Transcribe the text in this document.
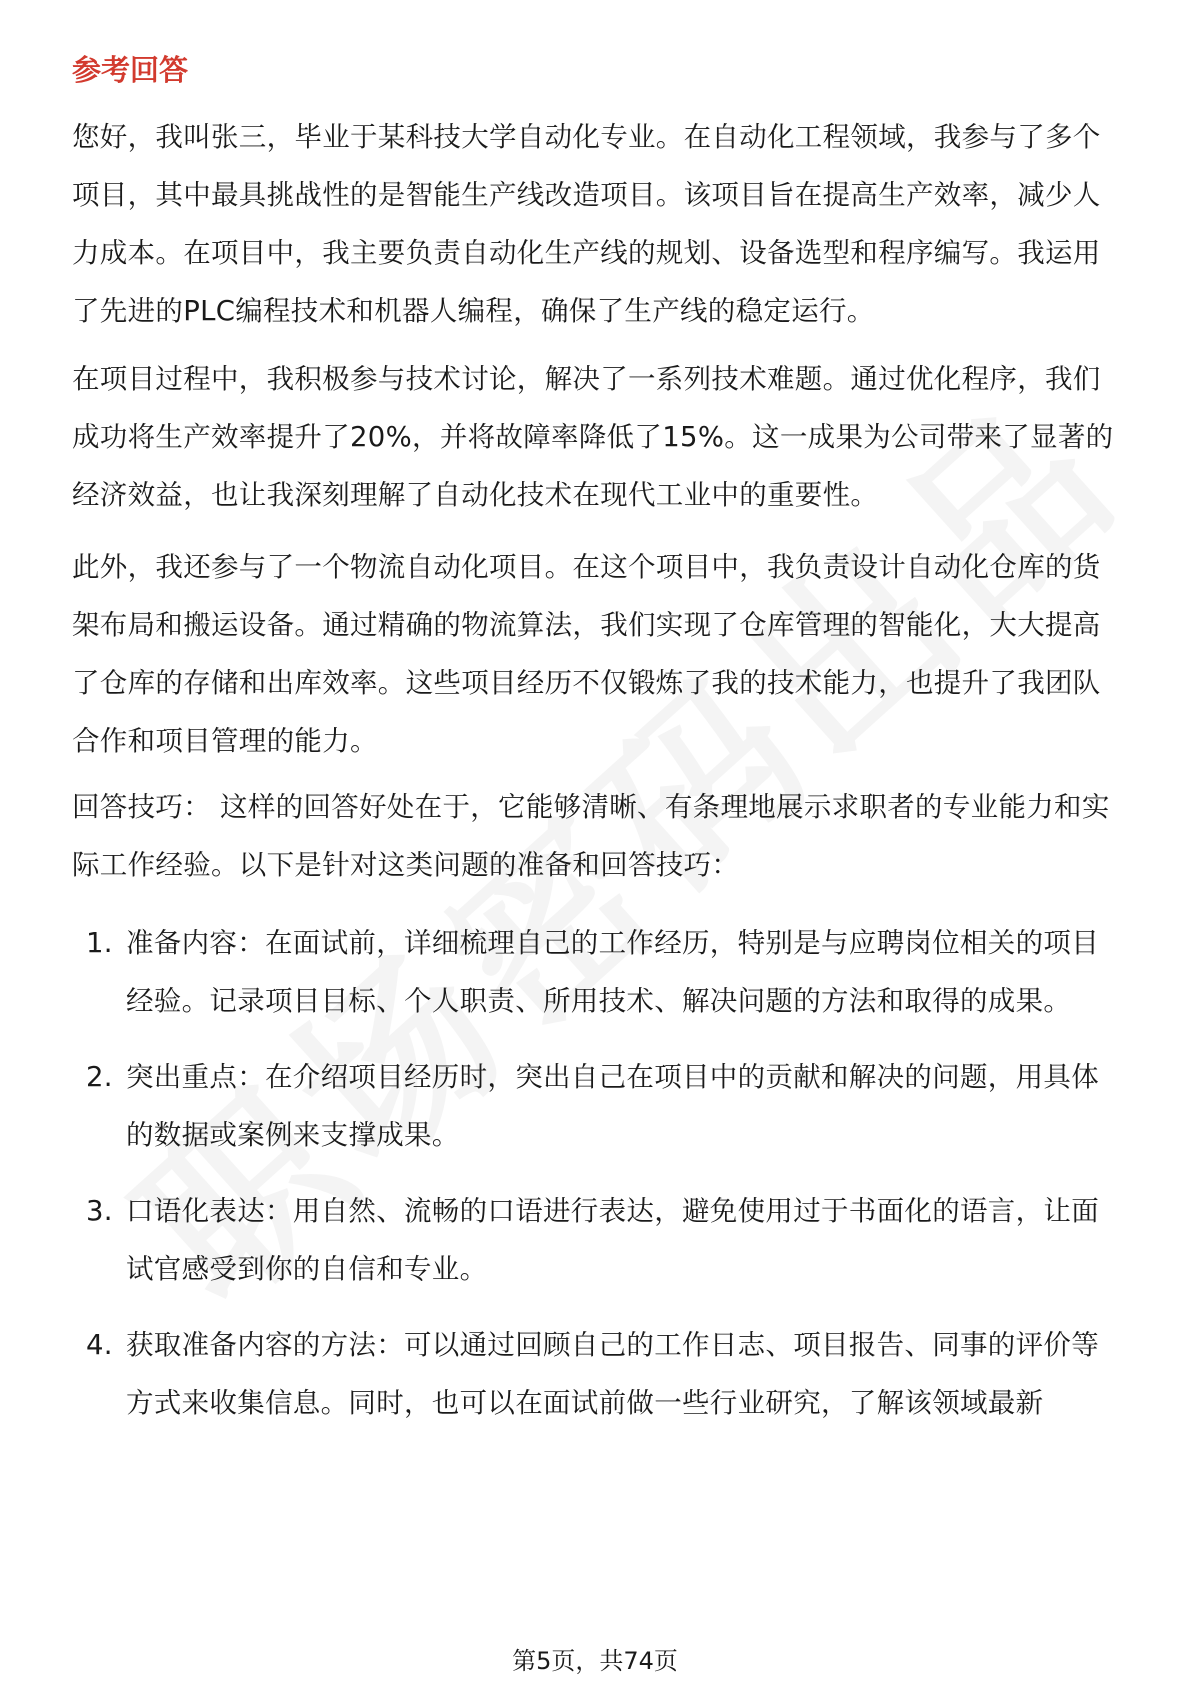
参考回答
您好，我叫张三，毕业于某科技大学自动化专业。在自动化工程领域，我参与了多个项目，其中最具挑战性的是智能生产线改造项目。该项目旨在提高生产效率，减少人力成本。在项目中，我主要负责自动化生产线的规划、设备选型和程序编写。我运用了先进的PLC编程技术和机器人编程，确保了生产线的稳定运行。
在项目过程中，我积极参与技术讨论，解决了一系列技术难题。通过优化程序，我们成功将生产效率提升了20%，并将故障率降低了15%。这一成果为公司带来了显著的经济效益，也让我深刻理解了自动化技术在现代工业中的重要性。
此外，我还参与了一个物流自动化项目。在这个项目中，我负责设计自动化仓库的货架布局和搬运设备。通过精确的物流算法，我们实现了仓库管理的智能化，大大提高了仓库的存储和出库效率。这些项目经历不仅锻炼了我的技术能力，也提升了我团队合作和项目管理的能力。
回答技巧： 这样的回答好处在于，它能够清晰、有条理地展示求职者的专业能力和实际工作经验。以下是针对这类问题的准备和回答技巧：
1. 准备内容：在面试前，详细梳理自己的工作经历，特别是与应聘岗位相关的项目经验。记录项目目标、个人职责、所用技术、解决问题的方法和取得的成果。
2. 突出重点：在介绍项目经历时，突出自己在项目中的贡献和解决的问题，用具体的数据或案例来支撑成果。
3. 口语化表达：用自然、流畅的口语进行表达，避免使用过于书面化的语言，让面试官感受到你的自信和专业。
4. 获取准备内容的方法：可以通过回顾自己的工作日志、项目报告、同事的评价等方式来收集信息。同时，也可以在面试前做一些行业研究，了解该领域最新
第5页，共74页
